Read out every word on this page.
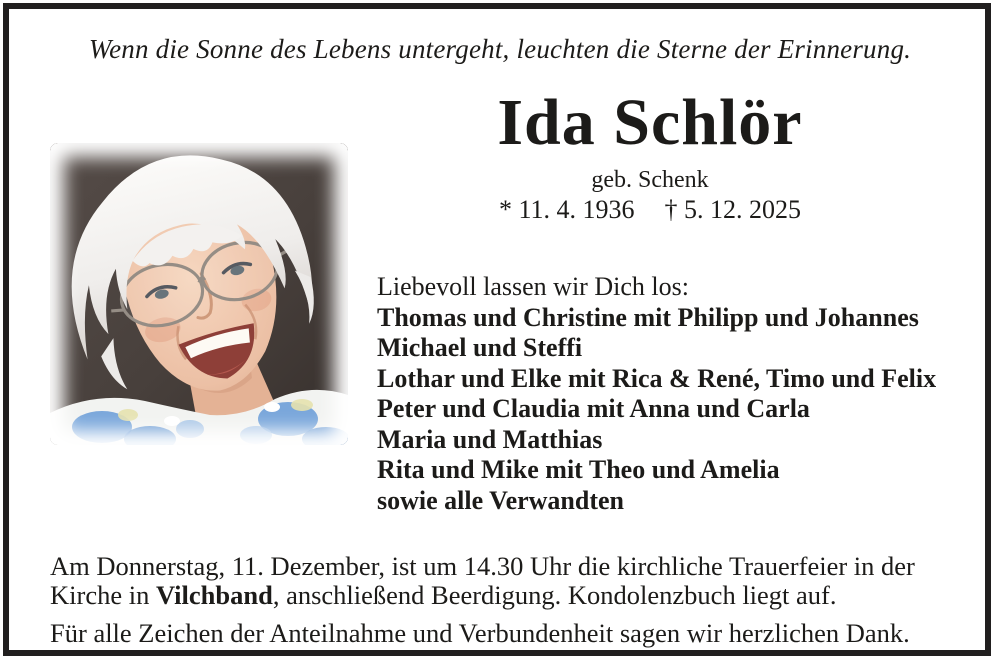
Wenn die Sonne des Lebens untergeht, leuchten die Sterne der Erinnerung.
Ida Schlör
geb. Schenk
* 11. 4. 1936 † 5. 12. 2025
Liebevoll lassen wir Dich los:
Thomas und Christine mit Philipp und Johannes
Michael und Steffi
Lothar und Elke mit Rica & René, Timo und Felix
Peter und Claudia mit Anna und Carla
Maria und Matthias
Rita und Mike mit Theo und Amelia
sowie alle Verwandten

Am Donnerstag, 11. Dezember, ist um 14.30 Uhr die kirchliche Trauerfeier in der Kirche in Vilchband, anschließend Beerdigung. Kondolenzbuch liegt auf.

Für alle Zeichen der Anteilnahme und Verbundenheit sagen wir herzlichen Dank.
